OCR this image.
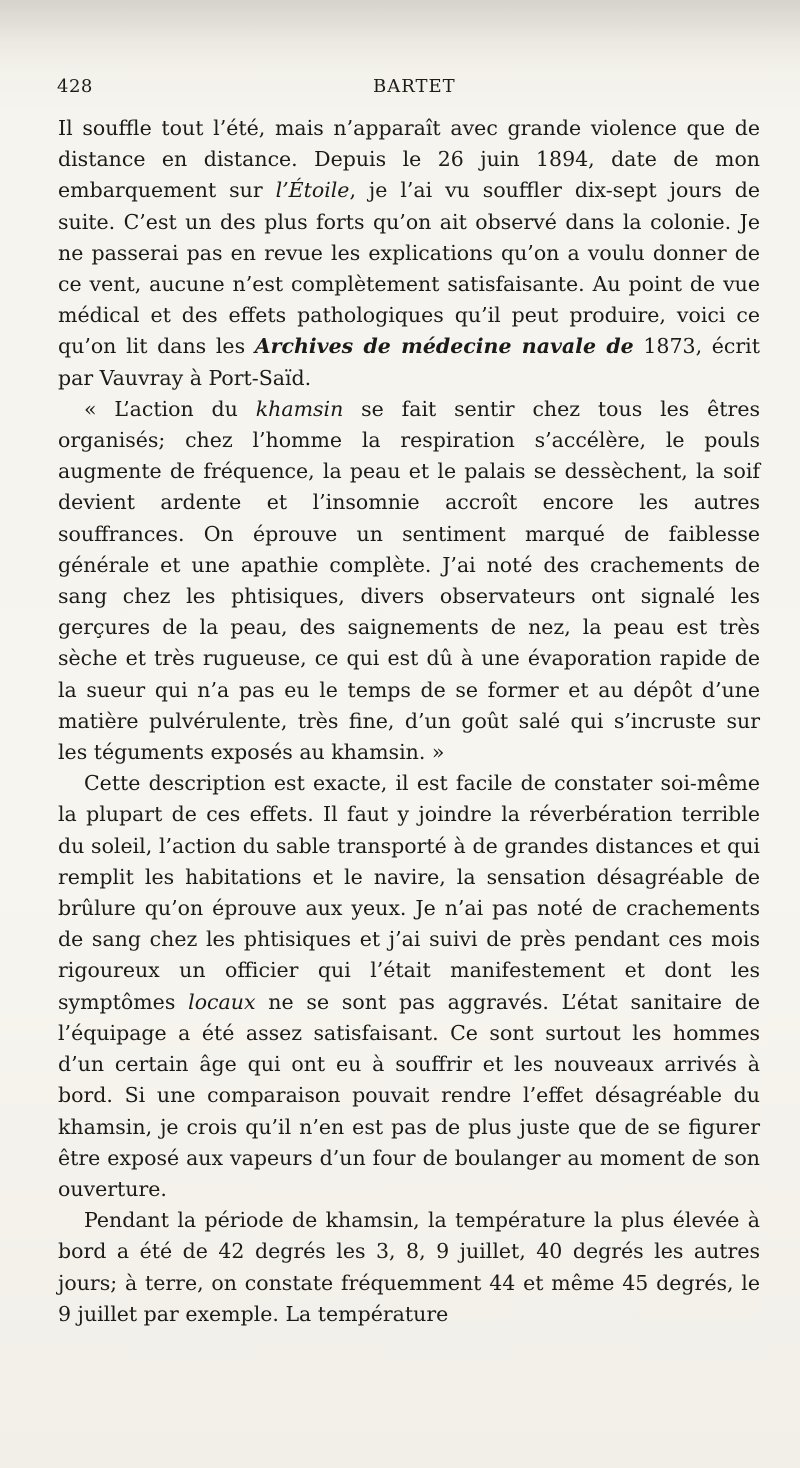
428	BARTET

Il souffle tout l’été, mais n’apparaît avec grande violence que de distance en distance. Depuis le 26 juin 1894, date de mon embarquement sur l’Étoile, je l’ai vu souffler dix-sept jours de suite. C’est un des plus forts qu’on ait observé dans la colonie. Je ne passerai pas en revue les explications qu’on a voulu donner de ce vent, aucune n’est complètement satisfaisante. Au point de vue médical et des effets pathologiques qu’il peut produire, voici ce qu’on lit dans les Archives de médecine navale de 1873, écrit par Vauvray à Port-Saïd.

« L’action du khamsin se fait sentir chez tous les êtres organisés; chez l’homme la respiration s’accélère, le pouls augmente de fréquence, la peau et le palais se dessèchent, la soif devient ardente et l’insomnie accroît encore les autres souffrances. On éprouve un sentiment marqué de faiblesse générale et une apathie complète. J’ai noté des crachements de sang chez les phtisiques, divers observateurs ont signalé les gerçures de la peau, des saignements de nez, la peau est très sèche et très rugueuse, ce qui est dû à une évaporation rapide de la sueur qui n’a pas eu le temps de se former et au dépôt d’une matière pulvérulente, très fine, d’un goût salé qui s’incruste sur les téguments exposés au khamsin. »

Cette description est exacte, il est facile de constater soi-même la plupart de ces effets. Il faut y joindre la réverbération terrible du soleil, l’action du sable transporté à de grandes distances et qui remplit les habitations et le navire, la sensation désagréable de brûlure qu’on éprouve aux yeux. Je n’ai pas noté de crachements de sang chez les phtisiques et j’ai suivi de près pendant ces mois rigoureux un officier qui l’était manifestement et dont les symptômes locaux ne se sont pas aggravés. L’état sanitaire de l’équipage a été assez satisfaisant. Ce sont surtout les hommes d’un certain âge qui ont eu à souffrir et les nouveaux arrivés à bord. Si une comparaison pouvait rendre l’effet désagréable du khamsin, je crois qu’il n’en est pas de plus juste que de se figurer être exposé aux vapeurs d’un four de boulanger au moment de son ouverture.

Pendant la période de khamsin, la température la plus élevée à bord a été de 42 degrés les 3, 8, 9 juillet, 40 degrés les autres jours; à terre, on constate fréquemment 44 et même 45 degrés, le 9 juillet par exemple. La température
